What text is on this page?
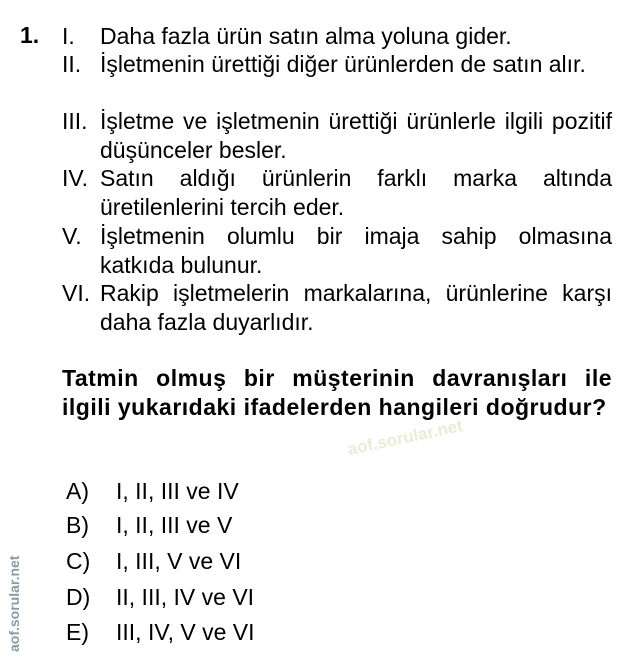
1. I. Daha fazla ürün satın alma yoluna gider.
II. İşletmenin ürettiği diğer ürünlerden de satın alır.
III. İşletme ve işletmenin ürettiği ürünlerle ilgili pozitif düşünceler besler.
IV. Satın aldığı ürünlerin farklı marka altında üretilenlerini tercih eder.
V. İşletmenin olumlu bir imaja sahip olmasına katkıda bulunur.
VI. Rakip işletmelerin markalarına, ürünlerine karşı daha fazla duyarlıdır.
Tatmin olmuş bir müşterinin davranışları ile ilgili yukarıdaki ifadelerden hangileri doğrudur?
aof.sorular.net
A) I, II, III ve IV
B) I, II, III ve V
C) I, III, V ve VI
D) II, III, IV ve VI
E) III, IV, V ve VI
aof.sorular.net
